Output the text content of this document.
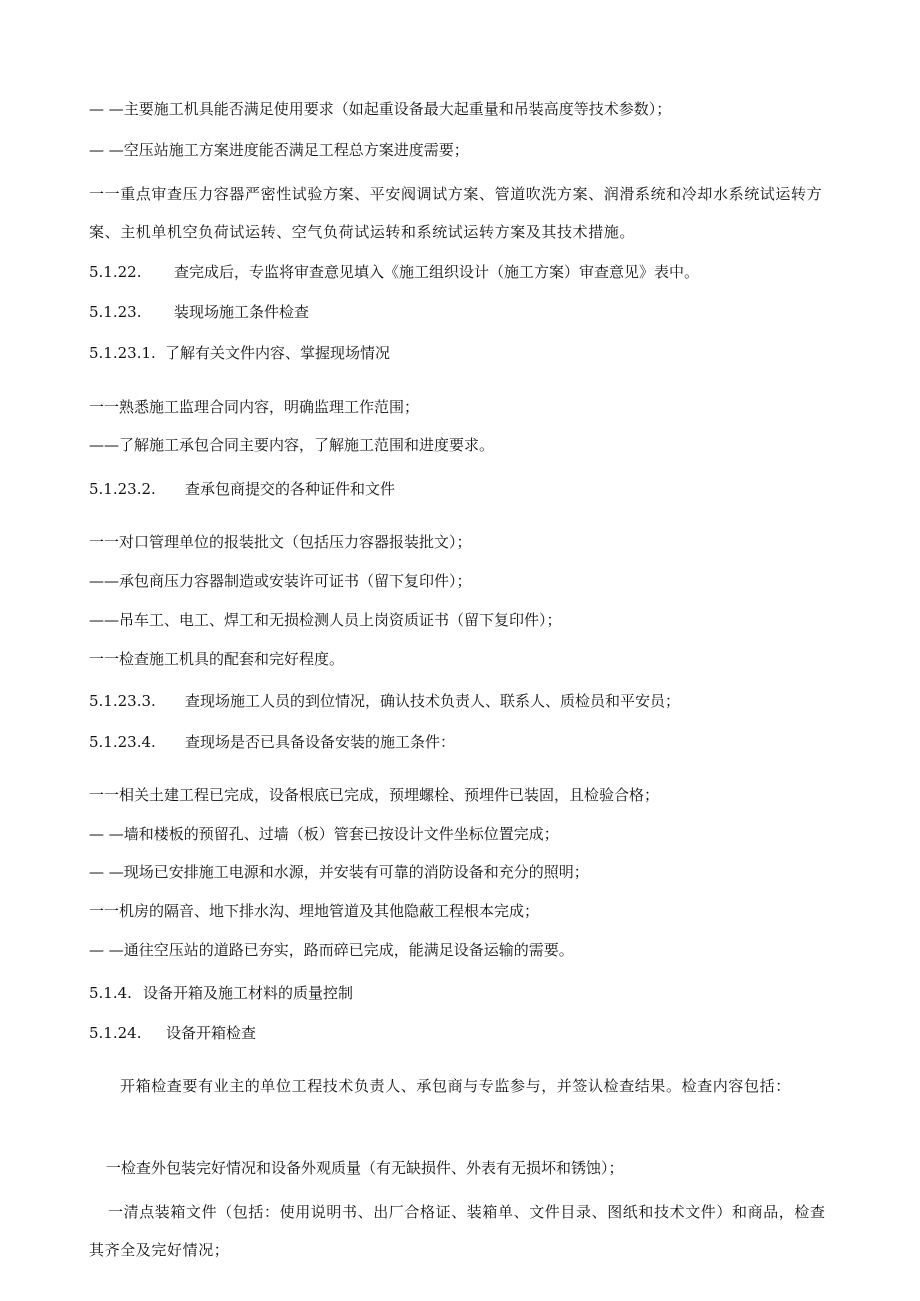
— —主要施工机具能否满足使用要求（如起重设备最大起重量和吊装高度等技术参数）；
— —空压站施工方案进度能否满足工程总方案进度需要；
一一重点审查压力容器严密性试验方案、平安阀调试方案、管道吹洗方案、润滑系统和冷却水系统试运转方案、主机单机空负荷试运转、空气负荷试运转和系统试运转方案及其技术措施。
5.1.22. 查完成后，专监将审查意见填入《施工组织设计（施工方案）审查意见》表中。
5.1.23. 装现场施工条件检查
5.1.23.1. 了解有关文件内容、掌握现场情况
一一熟悉施工监理合同内容，明确监理工作范围；
——了解施工承包合同主要内容，了解施工范围和进度要求。
5.1.23.2. 查承包商提交的各种证件和文件
一一对口管理单位的报装批文（包括压力容器报装批文）；
——承包商压力容器制造或安装许可证书（留下复印件）；
——吊车工、电工、焊工和无损检测人员上岗资质证书（留下复印件）；
一一检查施工机具的配套和完好程度。
5.1.23.3. 查现场施工人员的到位情况，确认技术负责人、联系人、质检员和平安员；
5.1.23.4. 查现场是否已具备设备安装的施工条件：
一一相关土建工程已完成，设备根底已完成，预埋螺栓、预埋件已装固，且检验合格；
— —墙和楼板的预留孔、过墙（板）管套已按设计文件坐标位置完成；
— —现场已安排施工电源和水源，并安装有可靠的消防设备和充分的照明；
一一机房的隔音、地下排水沟、埋地管道及其他隐蔽工程根本完成；
— —通往空压站的道路已夯实，路而碎已完成，能满足设备运输的需要。
5.1.4. 设备开箱及施工材料的质量控制
5.1.24. 设备开箱检查
开箱检查要有业主的单位工程技术负责人、承包商与专监参与，并签认检查结果。检查内容包括：
一检查外包装完好情况和设备外观质量（有无缺损件、外表有无损坏和锈蚀）；
一清点装箱文件（包括：使用说明书、出厂合格证、装箱单、文件目录、图纸和技术文件）和商品，检查其齐全及完好情况；
